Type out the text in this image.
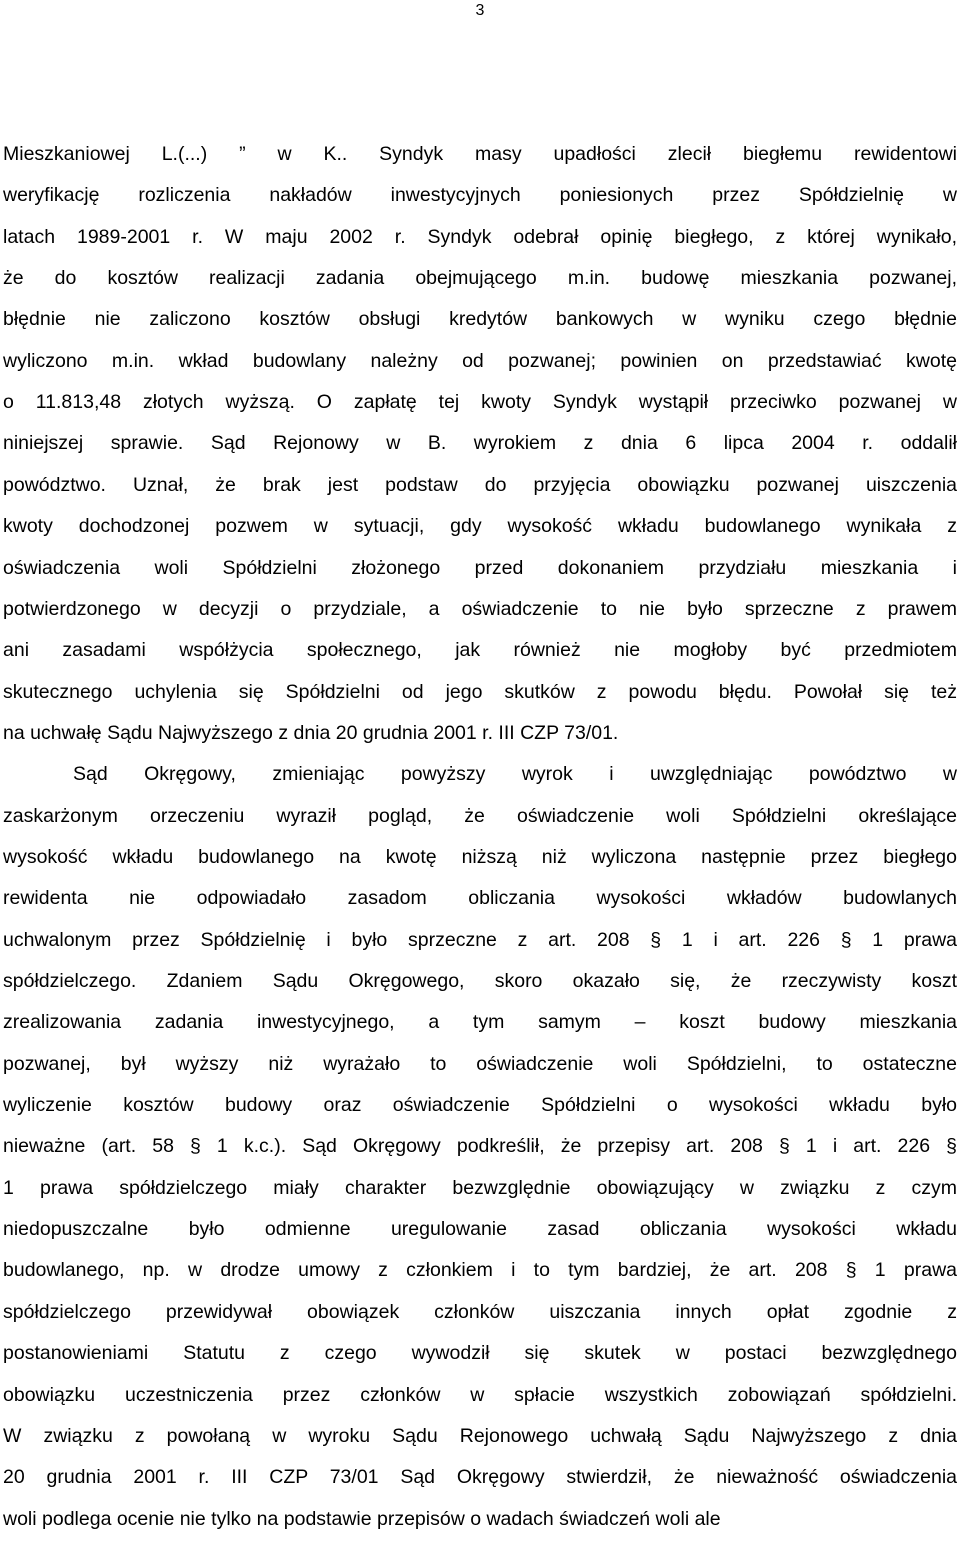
3
Mieszkaniowej L.(...) ” w K.. Syndyk masy upadłości zlecił biegłemu rewidentowi
weryfikację rozliczenia nakładów inwestycyjnych poniesionych przez Spółdzielnię w
latach 1989-2001 r. W maju 2002 r. Syndyk odebrał opinię biegłego, z której wynikało,
że do kosztów realizacji zadania obejmującego m.in. budowę mieszkania pozwanej,
błędnie nie zaliczono kosztów obsługi kredytów bankowych w wyniku czego błędnie
wyliczono m.in. wkład budowlany należny od pozwanej; powinien on przedstawiać kwotę
o 11.813,48 złotych wyższą. O zapłatę tej kwoty Syndyk wystąpił przeciwko pozwanej w
niniejszej sprawie. Sąd Rejonowy w B. wyrokiem z dnia 6 lipca 2004 r. oddalił
powództwo. Uznał, że brak jest podstaw do przyjęcia obowiązku pozwanej uiszczenia
kwoty dochodzonej pozwem w sytuacji, gdy wysokość wkładu budowlanego wynikała z
oświadczenia woli Spółdzielni złożonego przed dokonaniem przydziału mieszkania i
potwierdzonego w decyzji o przydziale, a oświadczenie to nie było sprzeczne z prawem
ani zasadami współżycia społecznego, jak również nie mogłoby być przedmiotem
skutecznego uchylenia się Spółdzielni od jego skutków z powodu błędu. Powołał się też
na uchwałę Sądu Najwyższego z dnia 20 grudnia 2001 r. III CZP 73/01.
Sąd Okręgowy, zmieniając powyższy wyrok i uwzględniając powództwo w
zaskarżonym orzeczeniu wyraził pogląd, że oświadczenie woli Spółdzielni określające
wysokość wkładu budowlanego na kwotę niższą niż wyliczona następnie przez biegłego
rewidenta nie odpowiadało zasadom obliczania wysokości wkładów budowlanych
uchwalonym przez Spółdzielnię i było sprzeczne z art. 208 § 1 i art. 226 § 1 prawa
spółdzielczego. Zdaniem Sądu Okręgowego, skoro okazało się, że rzeczywisty koszt
zrealizowania zadania inwestycyjnego, a tym samym – koszt budowy mieszkania
pozwanej, był wyższy niż wyrażało to oświadczenie woli Spółdzielni, to ostateczne
wyliczenie kosztów budowy oraz oświadczenie Spółdzielni o wysokości wkładu było
nieważne (art. 58 § 1 k.c.). Sąd Okręgowy podkreślił, że przepisy art. 208 § 1 i art. 226 §
1 prawa spółdzielczego miały charakter bezwzględnie obowiązujący w związku z czym
niedopuszczalne było odmienne uregulowanie zasad obliczania wysokości wkładu
budowlanego, np. w drodze umowy z członkiem i to tym bardziej, że art. 208 § 1 prawa
spółdzielczego przewidywał obowiązek członków uiszczania innych opłat zgodnie z
postanowieniami Statutu z czego wywodził się skutek w postaci bezwzględnego
obowiązku uczestniczenia przez członków w spłacie wszystkich zobowiązań spółdzielni.
W związku z powołaną w wyroku Sądu Rejonowego uchwałą Sądu Najwyższego z dnia
20 grudnia 2001 r. III CZP 73/01 Sąd Okręgowy stwierdził, że nieważność oświadczenia
woli podlega ocenie nie tylko na podstawie przepisów o wadach świadczeń woli ale
